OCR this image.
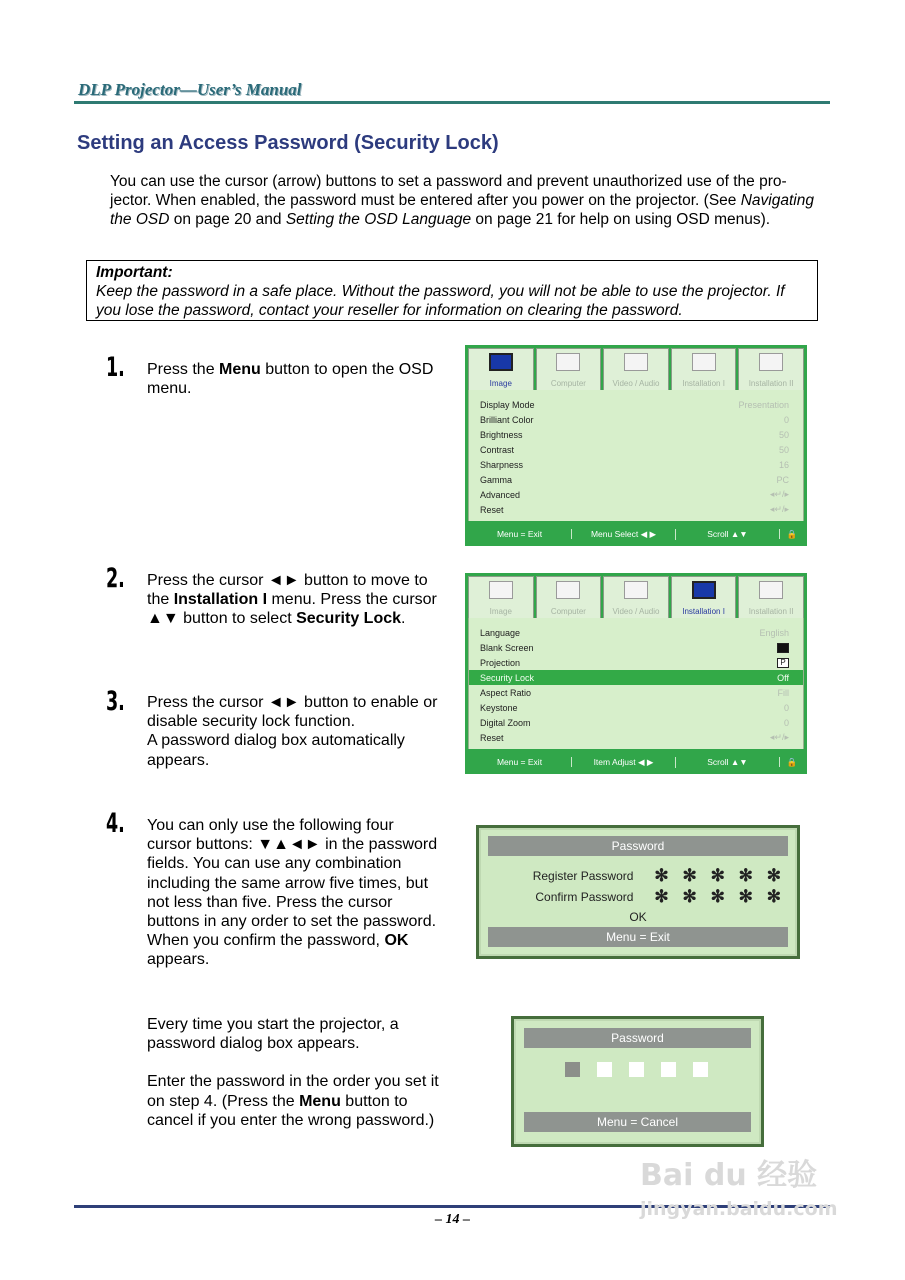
DLP Projector—User’s Manual
Setting an Access Password (Security Lock)
You can use the cursor (arrow) buttons to set a password and prevent unauthorized use of the pro-jector. When enabled, the password must be entered after you power on the projector. (See Navigating the OSD on page 20 and Setting the OSD Language on page 21 for help on using OSD menus).
Important:
Keep the password in a safe place. Without the password, you will not be able to use the projector. If you lose the password, contact your reseller for information on clearing the password.
1. Press the Menu button to open the OSD menu.	Image	Computer	Video / Audio	Installation I	Installation II
Display Mode	Presentation
Brilliant Color	0
Brightness	50
Contrast	50
Sharpness	16
Gamma	PC
Advanced	◂↵/▸
Reset	◂↵/▸
Menu = Exit	Menu Select ◀ ▶	Scroll ▲▼	🔒
2. Press the cursor ◄► button to move to the Installation I menu. Press the cursor ▲▼ button to select Security Lock.	Image	Computer	Video / Audio	Installation I	Installation II
Language	English
Blank Screen
Projection	P
Security Lock	Off
Aspect Ratio	Fill
Keystone	0
Digital Zoom	0
Reset	◂↵/▸
Menu = Exit	Item Adjust ◀ ▶	Scroll ▲▼	🔒
3. Press the cursor ◄► button to enable or disable security lock function.
A password dialog box automatically appears.
4. You can only use the following four cursor buttons: ▼▲◄► in the password fields. You can use any combination including the same arrow five times, but not less than five. Press the cursor buttons in any order to set the password. When you confirm the password, OK appears.
Password
Register Password	✻ ✻ ✻ ✻ ✻
Confirm Password	✻ ✻ ✻ ✻ ✻
OK
Menu = Exit
Every time you start the projector, a password dialog box appears.
Enter the password in the order you set it on step 4. (Press the Menu button to cancel if you enter the wrong password.)
Password
Menu = Cancel
– 14 –
Bai du 经验
jingyan.baidu.com
